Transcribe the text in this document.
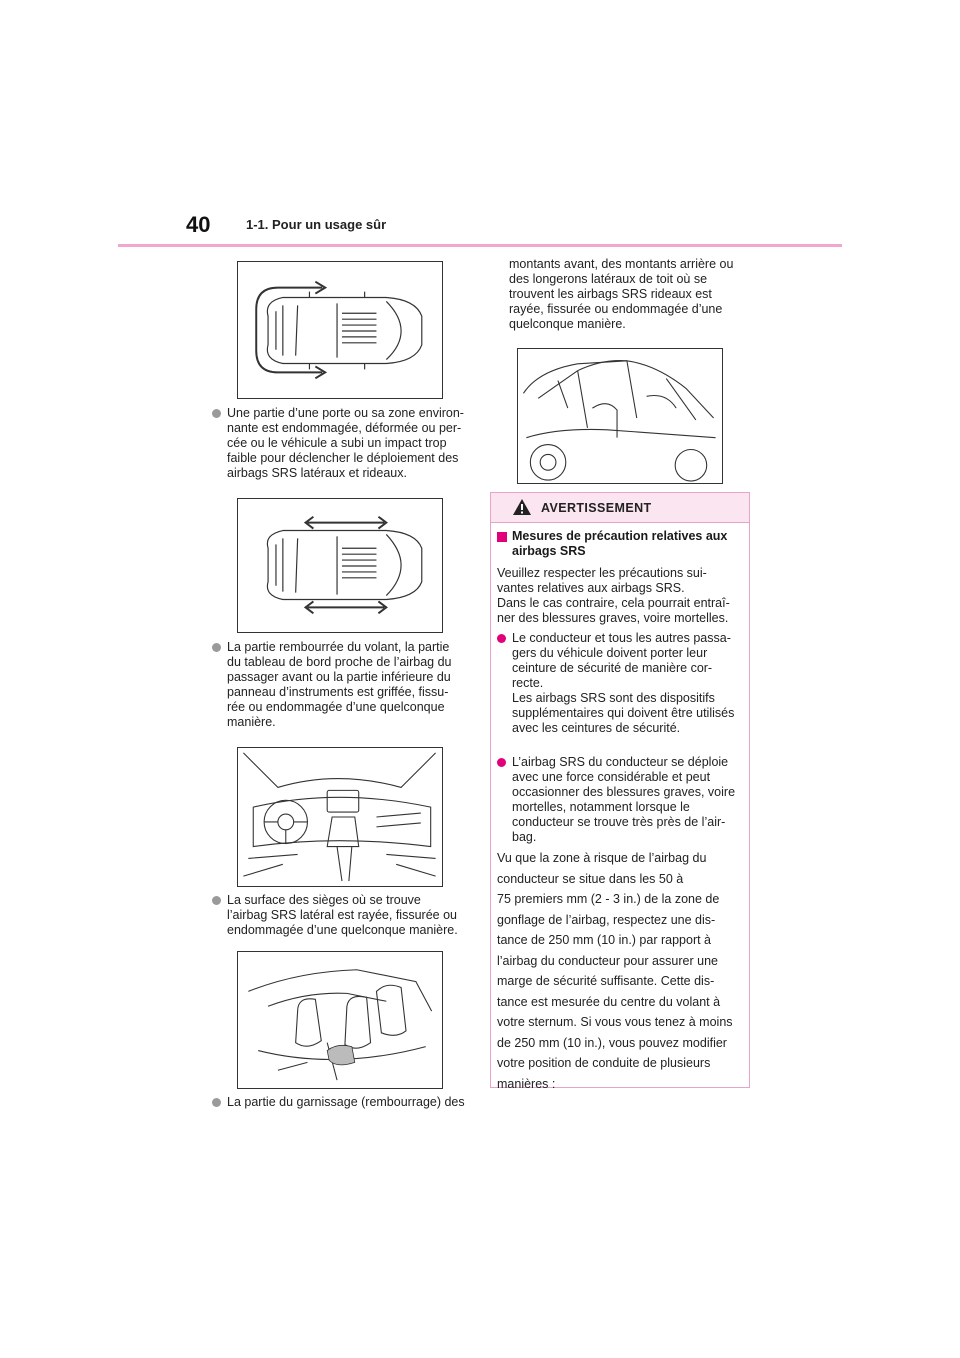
40	1-1. Pour un usage sûr
Une partie d’une porte ou sa zone environ-
nante est endommagée, déformée ou per-
cée ou le véhicule a subi un impact trop
faible pour déclencher le déploiement des
airbags SRS latéraux et rideaux.
La partie rembourrée du volant, la partie
du tableau de bord proche de l’airbag du
passager avant ou la partie inférieure du
panneau d’instruments est griffée, fissu-
rée ou endommagée d’une quelconque
manière.
La surface des sièges où se trouve
l’airbag SRS latéral est rayée, fissurée ou
endommagée d’une quelconque manière.
La partie du garnissage (rembourrage) des
montants avant, des montants arrière ou
des longerons latéraux de toit où se
trouvent les airbags SRS rideaux est
rayée, fissurée ou endommagée d’une
quelconque manière.
AVERTISSEMENT
Mesures de précaution relatives aux
airbags SRS
Veuillez respecter les précautions sui-
vantes relatives aux airbags SRS.
Dans le cas contraire, cela pourrait entraî-
ner des blessures graves, voire mortelles.
Le conducteur et tous les autres passa-
gers du véhicule doivent porter leur
ceinture de sécurité de manière cor-
recte.
Les airbags SRS sont des dispositifs
supplémentaires qui doivent être utilisés
avec les ceintures de sécurité.
L’airbag SRS du conducteur se déploie
avec une force considérable et peut
occasionner des blessures graves, voire
mortelles, notamment lorsque le
conducteur se trouve très près de l’air-
bag.

Vu que la zone à risque de l’airbag du

conducteur se situe dans les 50 à

75 premiers mm (2 - 3 in.) de la zone de

gonflage de l’airbag, respectez une dis-

tance de 250 mm (10 in.) par rapport à

l’airbag du conducteur pour assurer une

marge de sécurité suffisante. Cette dis-

tance est mesurée du centre du volant à

votre sternum. Si vous vous tenez à moins

de 250 mm (10 in.), vous pouvez modifier

votre position de conduite de plusieurs

manières :
